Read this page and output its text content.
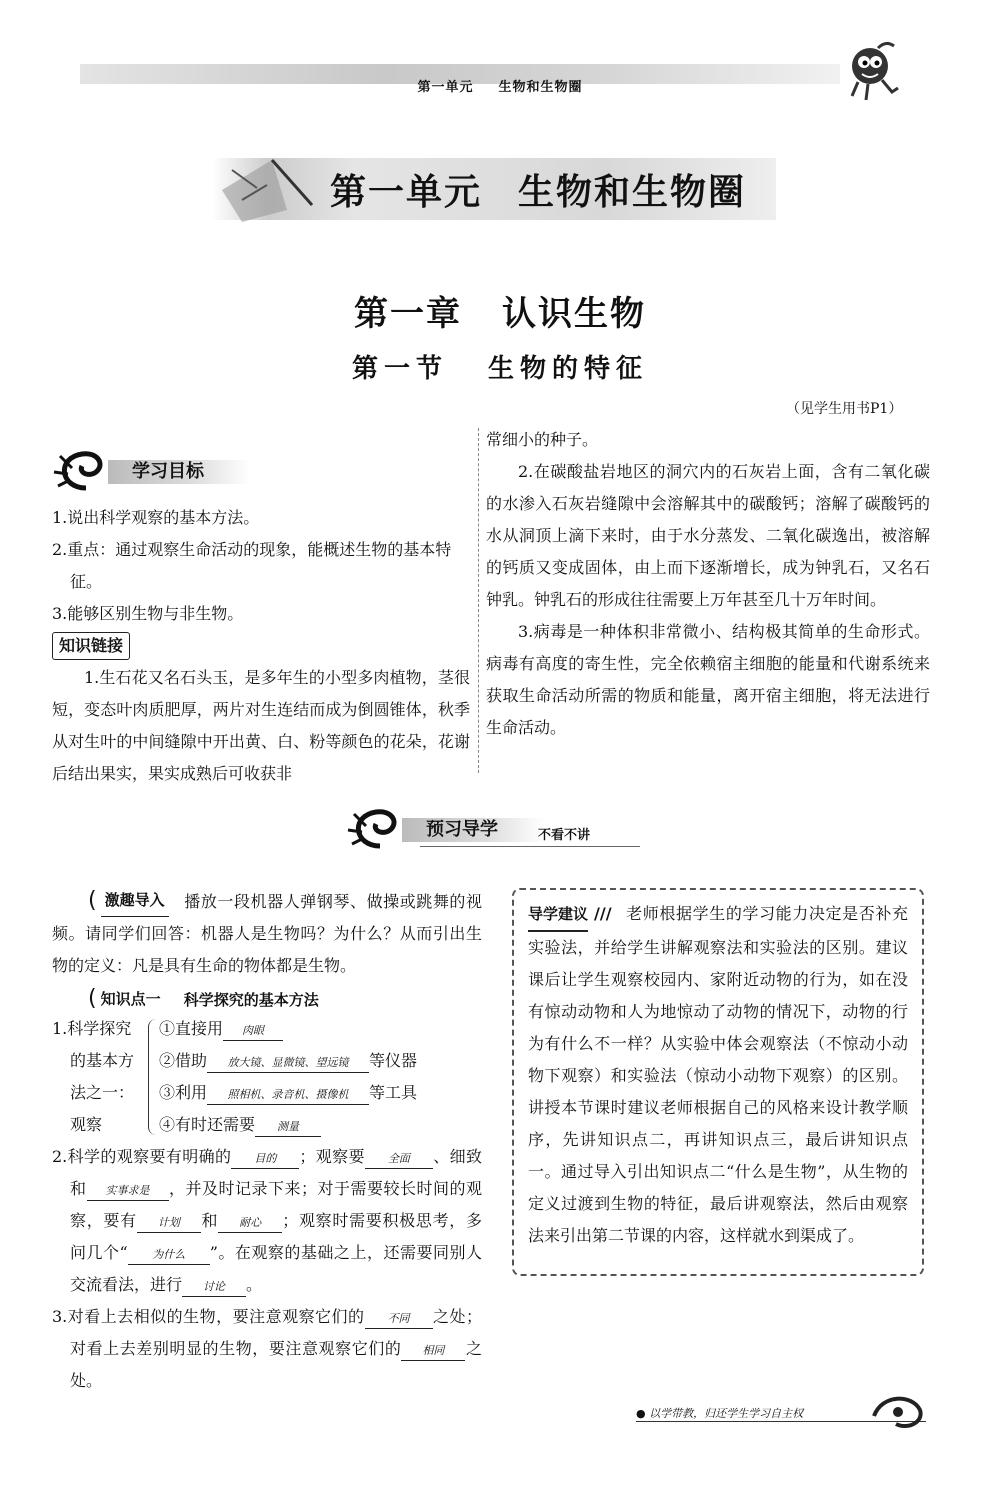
第一单元 生物和生物圈
第一单元 生物和生物圈
第一章 认识生物
第一节 生物的特征
（见学生用书P1）
学习目标

1.说出科学观察的基本方法。

2.重点：通过观察生命活动的现象，能概述生物的基本特征。

3.能够区别生物与非生物。

知识链接

1.生石花又名石头玉，是多年生的小型多肉植物，茎很短，变态叶肉质肥厚，两片对生连结而成为倒圆锥体，秋季从对生叶的中间缝隙中开出黄、白、粉等颜色的花朵，花谢后结出果实，果实成熟后可收获非

常细小的种子。

2.在碳酸盐岩地区的洞穴内的石灰岩上面，含有二氧化碳的水渗入石灰岩缝隙中会溶解其中的碳酸钙；溶解了碳酸钙的水从洞顶上滴下来时，由于水分蒸发、二氧化碳逸出，被溶解的钙质又变成固体，由上而下逐渐增长，成为钟乳石，又名石钟乳。钟乳石的形成往往需要上万年甚至几十万年时间。

3.病毒是一种体积非常微小、结构极其简单的生命形式。病毒有高度的寄生性，完全依赖宿主细胞的能量和代谢系统来获取生命活动所需的物质和能量，离开宿主细胞，将无法进行生命活动。

预习导学	不看不讲

( 激趣导入 播放一段机器人弹钢琴、做操或跳舞的视频。请同学们回答：机器人是生物吗？为什么？从而引出生物的定义：凡是具有生命的物体都是生物。

( 知识点一 科学探究的基本方法

1.科学探究

的基本方

法之一：

观察

①直接用 肉眼

②借助 放大镜、显微镜、望远镜 等仪器

③利用 照相机、录音机、摄像机 等工具

④有时还需要 测量

2.科学的观察要有明确的 目的 ；观察要 全面 、细致和 实事求是 ，并及时记录下来；对于需要较长时间的观察，要有 计划 和 耐心 ；观察时需要积极思考，多问几个“ 为什么 ”。在观察的基础之上，还需要同别人交流看法，进行 讨论 。

3.对看上去相似的生物，要注意观察它们的 不同 之处；对看上去差别明显的生物，要注意观察它们的 相同 之处。

导学建议 /// 老师根据学生的学习能力决定是否补充实验法，并给学生讲解观察法和实验法的区别。建议课后让学生观察校园内、家附近动物的行为，如在没有惊动动物和人为地惊动了动物的情况下，动物的行为有什么不一样？从实验中体会观察法（不惊动小动物下观察）和实验法（惊动小动物下观察）的区别。讲授本节课时建议老师根据自己的风格来设计教学顺序，先讲知识点二，再讲知识点三，最后讲知识点一。通过导入引出知识点二“什么是生物”，从生物的定义过渡到生物的特征，最后讲观察法，然后由观察法来引出第二节课的内容，这样就水到渠成了。

● 以学带教，归还学生学习自主权
